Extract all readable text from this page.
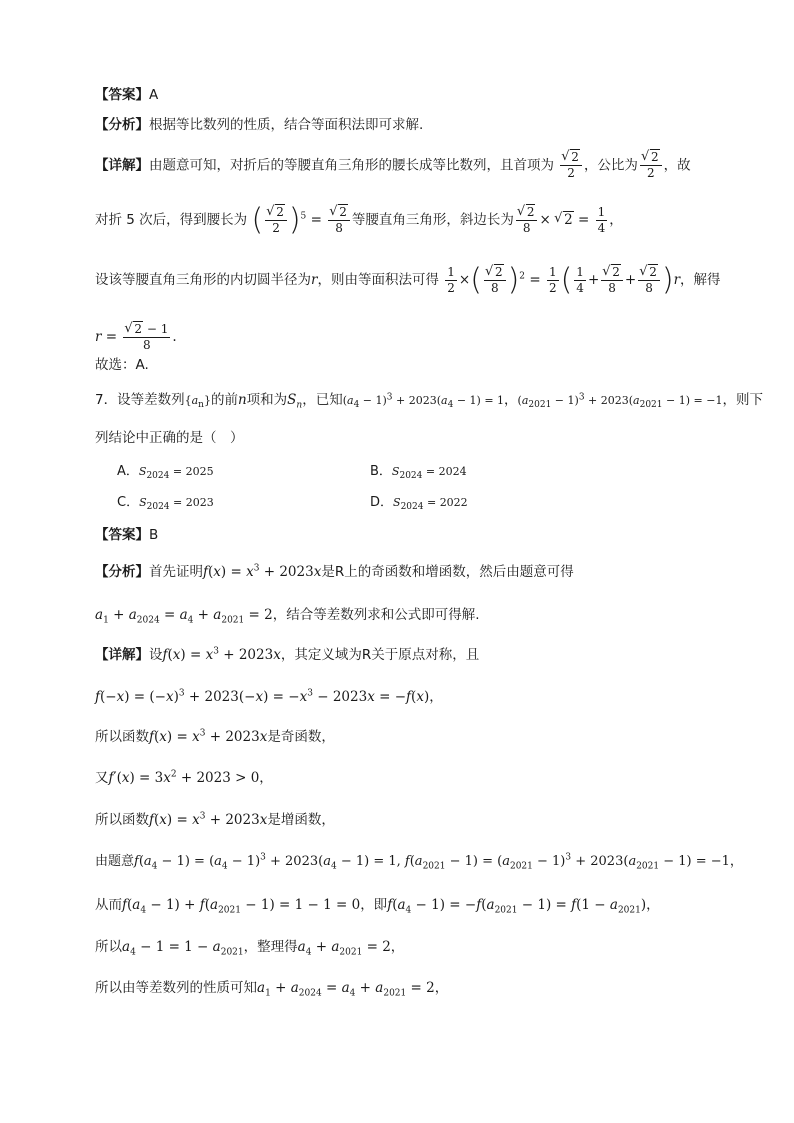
【答案】A
【分析】根据等比数列的性质，结合等面积法即可求解.
【详解】由题意可知，对折后的等腰直角三角形的腰长成等比数列，且首项为 √ $\frac{2}{2}$ ，公比为 √ $\frac{2}{2}$ ，故
对折 5 次后，得到腰长为 ( √ $\frac{2}{2} )^5$ = √ $\frac{2}{8}$ 等腰直角三角形，斜边长为 √ $\frac{2}{8}$ × √ $2 = \frac{1}{4}$ ，
设该等腰直角三角形的内切圆半径为r，则由等面积法可得 $\frac{1}{2}$ ×( √ $\frac{2}{8} )^2 = \frac{1}{2}$ ( $\frac{1}{4}$ + √ $\frac{2}{8}$ + √ $\frac{2}{8} )r$，解得
r = √ $\frac{2 - 1}{8}$ .
故选：A.
7．设等差数列$\{a_n\}$的前n项和为$S_n$，已知$(a_4 - 1)^3 + 2023(a_4 - 1) = 1$，$(a_{2021} - 1)^3 + 2023(a_{2021} - 1) = -1$，则下
列结论中正确的是（　）
A．$S_{2024} = 2025$	B．$S_{2024} = 2024$
C．$S_{2024} = 2023$	D．$S_{2024} = 2022$
【答案】B
【分析】首先证明$f(x) = x^3 + 2023x$是R上的奇函数和增函数，然后由题意可得
$a_1 + a_{2024} = a_4 + a_{2021} = 2$，结合等差数列求和公式即可得解.
【详解】设$f(x) = x^3 + 2023x$，其定义域为R关于原点对称，且
$f(-x) = (-x)^3 + 2023(-x) = -x^3 - 2023x = -f(x)$，
所以函数$f(x) = x^3 + 2023x$是奇函数，
又$f'(x) = 3x^2 + 2023 > 0$，
所以函数$f(x) = x^3 + 2023x$是增函数，
由题意$f(a_4 - 1) = (a_4 - 1)^3 + 2023(a_4 - 1) = 1$, $f(a_{2021} - 1) = (a_{2021} - 1)^3 + 2023(a_{2021} - 1) = -1$，
从而$f(a_4 - 1) + f(a_{2021} - 1) = 1 - 1 = 0$，即$f(a_4 - 1) = -f(a_{2021} - 1) = f(1 - a_{2021})$，
所以$a_4 - 1 = 1 - a_{2021}$，整理得$a_4 + a_{2021} = 2$，
所以由等差数列的性质可知$a_1 + a_{2024} = a_4 + a_{2021} = 2$，
